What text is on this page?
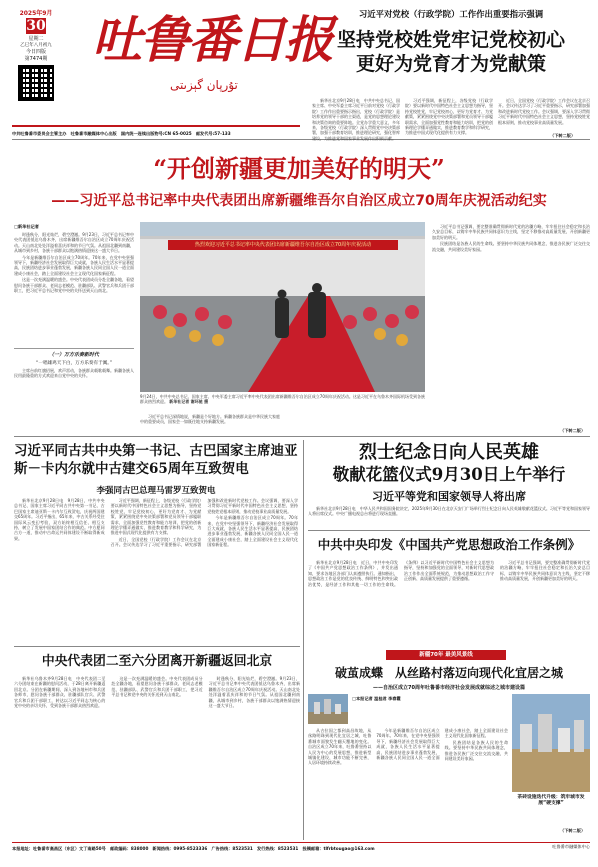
2025年9月
30
星期二
乙巳年八月初九
今日四版
第7474期 吐鲁番日报
تۇرپان گېزىتى
习近平对党校（行政学院）工作作出重要指示强调
坚持党校姓党牢记党校初心
更好为党育才为党献策
中共吐鲁番市委员会主管主办　吐鲁番市融媒体中心出版　国内统一连续出版物号:CN 65-0025　邮发代号:57-133

新华社北京9月28日电　中共中央总书记、国家主席、中央军委主席习近平日前对党校（行政学院）工作作出重要指示指出，党校（行政学院）是培养党的领导干部的主渠道，是党的思想理论建设和决策咨询的重要阵地。全党办学重大意义，多年来，各级党校（行政学院）深入贯彻党中央决策部署，加强干部教育培训，推进理论研究，强化智库建设，为推进党和国家事业发展作出积极贡献。

习近平强调，新征程上，各级党校（行政学院）要以新时代中国特色社会主义思想为指导，坚持党校姓党，牢记党校初心，更好为党育才、为党献策，紧紧围绕党中央决策部署和党员领导干部履职需求，全面加强党性教育和能力培训，把党的创新理论学懂弄通做实，推进教育教学和科学研究，为推进中国式现代化提供有力支撑。

近日，全国党校（行政学院）工作会议在北京召开。会议传达学习了习近平重要指示，研究部署加强和改进新时代党校工作。会议强调，要深入学习贯彻习近平新时代中国特色社会主义思想，坚持党校姓党根本原则，推动党校事业高质量发展。

（下转二版）
“开创新疆更加美好的明天”
——习近平总书记率中央代表团出席新疆维吾尔自治区成立70周年庆祝活动纪实
□新华社记者

时逢秋分，阳光灿烂，碧空澄澈。9月23日，习近平总书记率中央代表团抵达乌鲁木齐，出席新疆维吾尔自治区成立70周年庆祝活动。天山南北处处洋溢着喜庆祥和的节日气氛。从祖国北疆到南疆，从城市到乡村，各族干部群众以饱满热情迎接这一盛大节日。

今年是新疆维吾尔自治区成立70周年。70年来，在党中央坚强领导下，新疆经济社会发展取得巨大成就，各族人民生活水平显著提高，民族团结进步事业蓬勃发展，新疆各族人民同全国人民一道全面建成小康社会，踏上全面建设社会主义现代化国家新征程。

这是一次充满温暖的盛会。中央代表团成员分赴全疆各地，看望慰问各族干部群众、老同志老模范、驻疆部队、武警官兵和兵团干部职工，把习近平总书记和党中央的关怀送到天山南北。

热烈欢迎习近平总书记率中央代表团出席新疆维吾尔自治区成立70周年庆祝活动
9月24日，中共中央总书记、国家主席、中央军委主席习近平率中央代表团出席新疆维吾尔自治区成立70周年庆祝活动。这是习近平在乌鲁木齐国际机场受到各族群众热烈欢迎。 新华社记者 谢环驰 摄

习近平总书记强调，要完整准确贯彻新时代党的治疆方略，牢牢扭住社会稳定和长治久安总目标，以铸牢中华民族共同体意识为主线，坚定不移推动高质量发展，开创新疆更加美好的明天。

民族团结是各族人民的生命线。要坚持中华民族共同体理念，推进各民族广泛交往交流交融，共同建设美好家园。

（一）万方乐奏新时代
“一唱雄鸡天下白，万方乐奏有于阗。”

主席台前红旗招展，欢声雷动，各族群众载歌载舞。新疆各族人民用最隆重的方式欢迎来自党中央的关怀。

习近平总书记深情地说，新疆是个好地方。新疆各族群众是中华民族大家庭中的重要成员，国家会一如既往地支持新疆发展。

（下转二版）
习近平同古共中央第一书记、古巴国家主席迪亚斯－卡内尔就中古建交65周年互致贺电
李强同古巴总理马雷罗互致贺电

新华社北京9月28日电　9月28日，中共中央总书记、国家主席习近平同古共中央第一书记、古巴国家主席迪亚斯－卡内尔互致贺电，庆祝两国建交65周年。习近平指出，65年来，中古关系经受住国际风云变幻考验，双方始终相互信任、相互支持，树立了发展中国家团结合作的典范。中方愿同古方一道，推动中古命运共同体建设不断取得新成果。

习近平强调，新征程上，各级党校（行政学院）要以新时代中国特色社会主义思想为指导，坚持党校姓党，牢记党校初心，更好为党育才、为党献策，紧紧围绕党中央决策部署和党员领导干部履职需求，全面加强党性教育和能力培训，把党的创新理论学懂弄通做实，推进教育教学和科学研究，为推进中国式现代化提供有力支撑。

近日，全国党校（行政学院）工作会议在北京召开。会议传达学习了习近平重要指示，研究部署加强和改进新时代党校工作。会议强调，要深入学习贯彻习近平新时代中国特色社会主义思想，坚持党校姓党根本原则，推动党校事业高质量发展。

今年是新疆维吾尔自治区成立70周年。70年来，在党中央坚强领导下，新疆经济社会发展取得巨大成就，各族人民生活水平显著提高，民族团结进步事业蓬勃发展，新疆各族人民同全国人民一道全面建成小康社会，踏上全面建设社会主义现代化国家新征程。

烈士纪念日向人民英雄
敬献花篮仪式9月30日上午举行
习近平等党和国家领导人将出席

新华社北京9月28日电　中华人民共和国国务院决定，2025年9月30日在北京天安门广场举行烈士纪念日向人民英雄敬献花篮仪式。习近平等党和国家领导人将出席仪式。中央广播电视总台将进行现场直播。

中共中央印发《中国共产党思想政治工作条例》

新华社北京9月28日电　近日，中共中央印发了《中国共产党思想政治工作条例》，并发出通知，要求各地区各部门认真遵照执行。通知指出，思想政治工作是党的优良传统、鲜明特色和突出政治优势，是经济工作和其他一切工作的生命线。《条例》以习近平新时代中国特色社会主义思想为指导，坚持和加强党的全面领导，对新时代思想政治工作作出全面系统规范，为推动思想政治工作守正创新、高质量发展提供了重要遵循。

习近平总书记强调，要完整准确贯彻新时代党的治疆方略，牢牢扭住社会稳定和长治久安总目标，以铸牢中华民族共同体意识为主线，坚定不移推动高质量发展，开创新疆更加美好的明天。

中央代表团二至六分团离开新疆返回北京

新华社乌鲁木齐9月28日电　中央代表团二至六分团结束在新疆的慰问活动，于28日离开新疆返回北京。分团在新疆期间，深入到各地州市和兵团各师市，慰问各族干部群众、驻疆部队官兵、武警官兵和兵团干部职工，转达以习近平同志为核心的党中央的亲切关怀，受到各族干部群众热烈欢迎。

这是一次充满温暖的盛会。中央代表团成员分赴全疆各地，看望慰问各族干部群众、老同志老模范、驻疆部队、武警官兵和兵团干部职工，把习近平总书记和党中央的关怀送到天山南北。

时逢秋分，阳光灿烂，碧空澄澈。9月23日，习近平总书记率中央代表团抵达乌鲁木齐，出席新疆维吾尔自治区成立70周年庆祝活动。天山南北处处洋溢着喜庆祥和的节日气氛。从祖国北疆到南疆，从城市到乡村，各族干部群众以饱满热情迎接这一盛大节日。

新疆70年 最美风景线
破茧成蝶　从丝路村落迈向现代化宜居之城
——自治区成立70周年吐鲁番市经济社会发展成就综述之城市建设篇
□本报记者 温桂君 李春霞

从吉拉国之都到高昌故地，从丝路明珠到现代化宜居之城，吐鲁番城市面貌发生翻天覆地的变化。自治区成立70年来，吐鲁番坚持以人民为中心的发展思想，推进新型城镇化建设，城市功能不断完善，人居环境持续改善。

今年是新疆维吾尔自治区成立70周年。70年来，在党中央坚强领导下，新疆经济社会发展取得巨大成就，各族人民生活水平显著提高，民族团结进步事业蓬勃发展，新疆各族人民同全国人民一道全面建成小康社会，踏上全面建设社会主义现代化国家新征程。

民族团结是各族人民的生命线。要坚持中华民族共同体理念，推进各民族广泛交往交流交融，共同建设美好家园。

茶砖设施迭代升级：筑牢城市发展“硬支撑”
（下转二版）
本报地址：吐鲁番市高昌区（东区）文丁南路50号　邮政编码：838000　新闻热线：0995-8523336　广告热线：8523531　发行热线：8523531　投稿邮箱：tlfrbtougao@163.com	吐鲁番市融媒体中心
